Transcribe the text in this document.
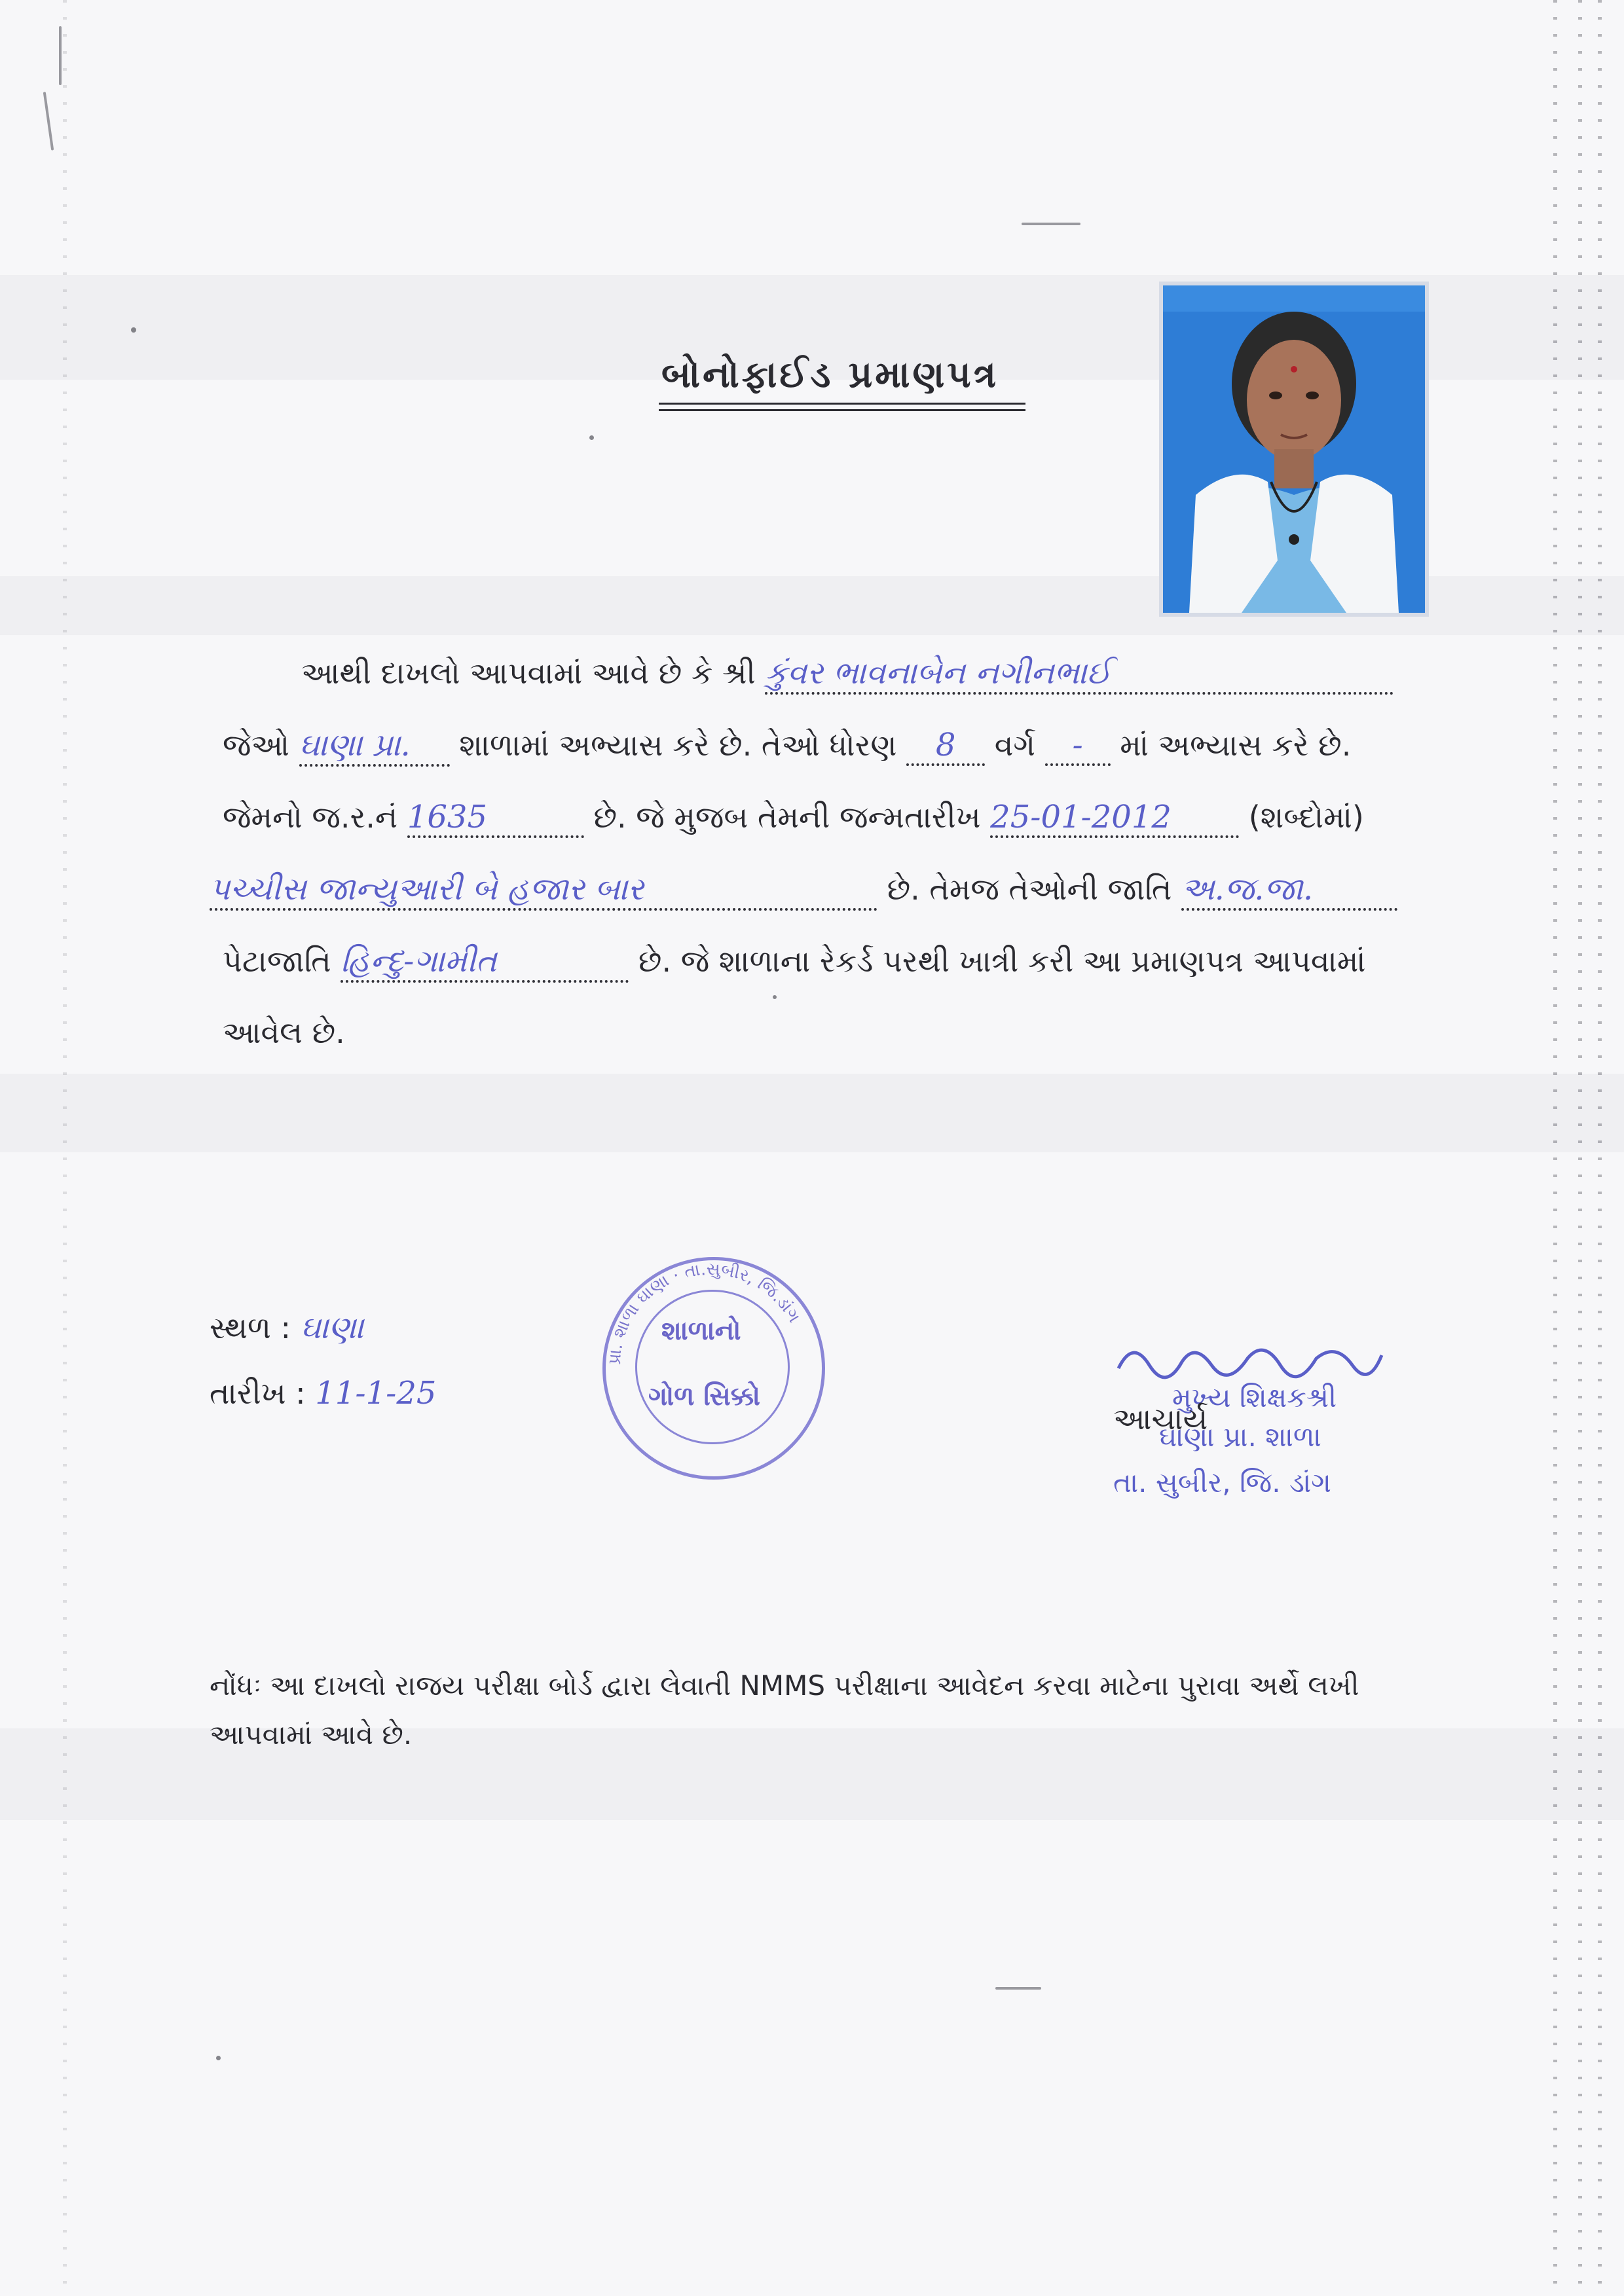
બોનોફાઈડ પ્રમાણપત્ર
આથી દાખલો આપવામાં આવે છે કે શ્રી કુંવર ભાવનાબેન નગીનભાઈ
જેઓ ઘાણા પ્રા. શાળામાં અભ્યાસ કરે છે. તેઓ ધોરણ 8 વર્ગ - માં અભ્યાસ કરે છે.
જેમનો જ.ર.નં 1635	છે. જે મુજબ તેમની જન્મતારીખ 25-01-2012	(શબ્દોમાં)
પચ્ચીસ જાન્યુઆરી બે હજાર બાર	છે. તેમજ તેઓની જાતિ અ.જ.જા.
પેટાજાતિ હિન્દુ-ગામીત	છે. જે શાળાના રેકર્ડ પરથી ખાત્રી કરી આ પ્રમાણપત્ર આપવામાં
આવેલ છે.
સ્થળ : ઘાણા
તારીખ : 11-1-25
પ્રા. શાળા ઘાણા · તા.સુબીર, જિ.ડાંગ
શાળાનો
ગોળ સિક્કો	મુખ્ય શિક્ષકશ્રી
આચાર્ય
ઘાણા પ્રા. શાળા
તા. સુબીર, જિ. ડાંગ
નોંધઃ આ દાખલો રાજય પરીક્ષા બોર્ડ દ્વારા લેવાતી NMMS પરીક્ષાના આવેદન કરવા માટેના પુરાવા અર્થે લખી
આપવામાં આવે છે.
